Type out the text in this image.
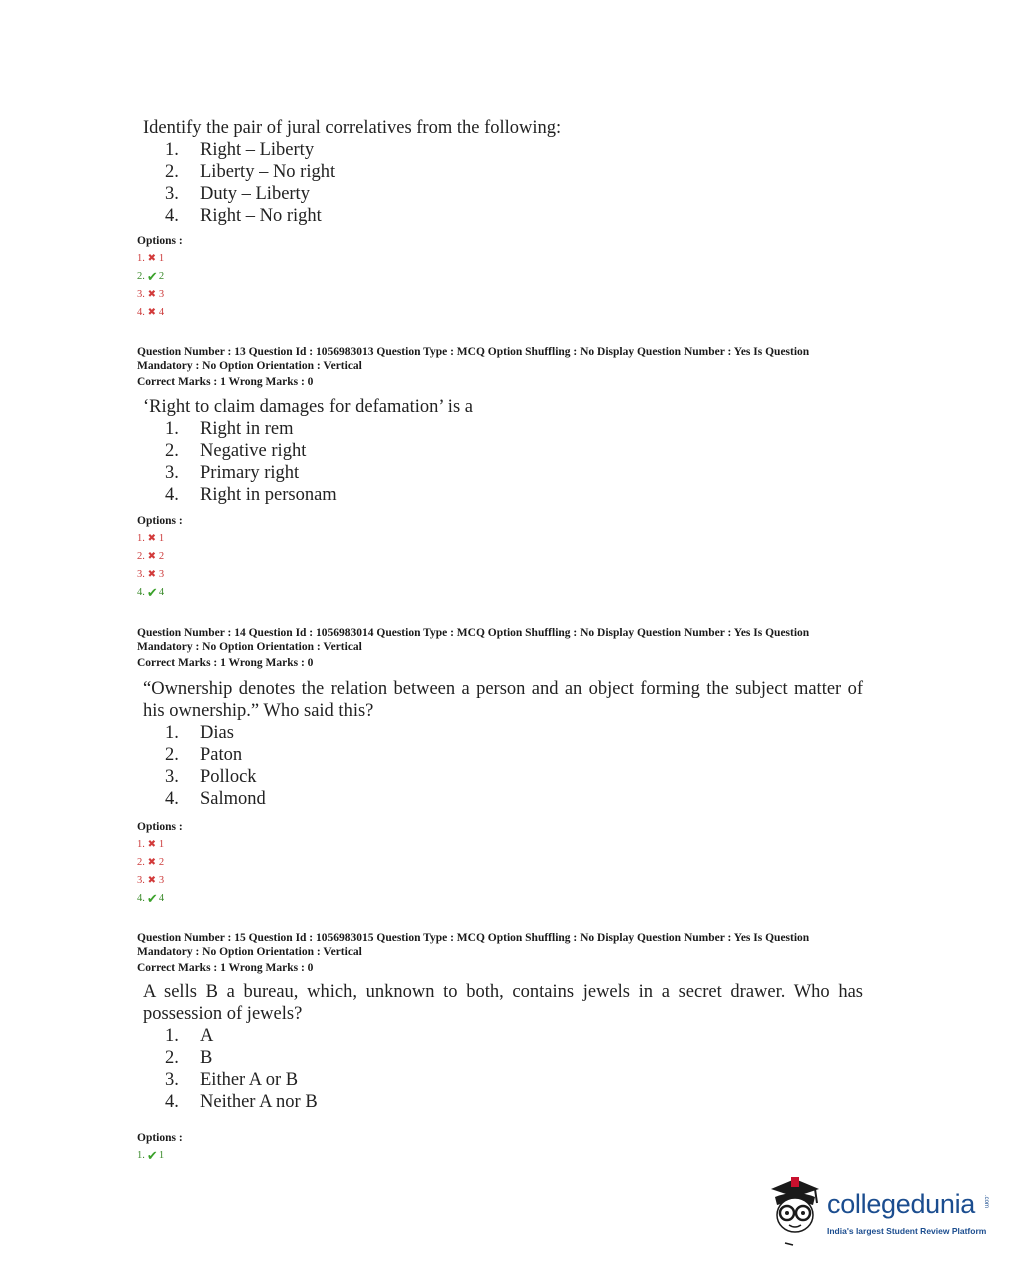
Identify the pair of jural correlatives from the following:
1. Right – Liberty
2. Liberty – No right
3. Duty – Liberty
4. Right – No right
Options :
1. ✖ 1
2. ✔ 2
3. ✖ 3
4. ✖ 4
Question Number : 13 Question Id : 1056983013 Question Type : MCQ Option Shuffling : No Display Question Number : Yes Is Question
Mandatory : No Option Orientation : Vertical
Correct Marks : 1 Wrong Marks : 0
‘Right to claim damages for defamation’ is a
1. Right in rem
2. Negative right
3. Primary right
4. Right in personam
Options :
1. ✖ 1
2. ✖ 2
3. ✖ 3
4. ✔ 4
Question Number : 14 Question Id : 1056983014 Question Type : MCQ Option Shuffling : No Display Question Number : Yes Is Question
Mandatory : No Option Orientation : Vertical
Correct Marks : 1 Wrong Marks : 0
“Ownership denotes the relation between a person and an object forming the subject matter of his ownership.” Who said this?
1. Dias
2. Paton
3. Pollock
4. Salmond
Options :
1. ✖ 1
2. ✖ 2
3. ✖ 3
4. ✔ 4
Question Number : 15 Question Id : 1056983015 Question Type : MCQ Option Shuffling : No Display Question Number : Yes Is Question
Mandatory : No Option Orientation : Vertical
Correct Marks : 1 Wrong Marks : 0
A sells B a bureau, which, unknown to both, contains jewels in a secret drawer. Who has possession of jewels?
1. A
2. B
3. Either A or B
4. Neither A nor B
Options :
1. ✔ 1
collegedunia .com
India's largest Student Review Platform
